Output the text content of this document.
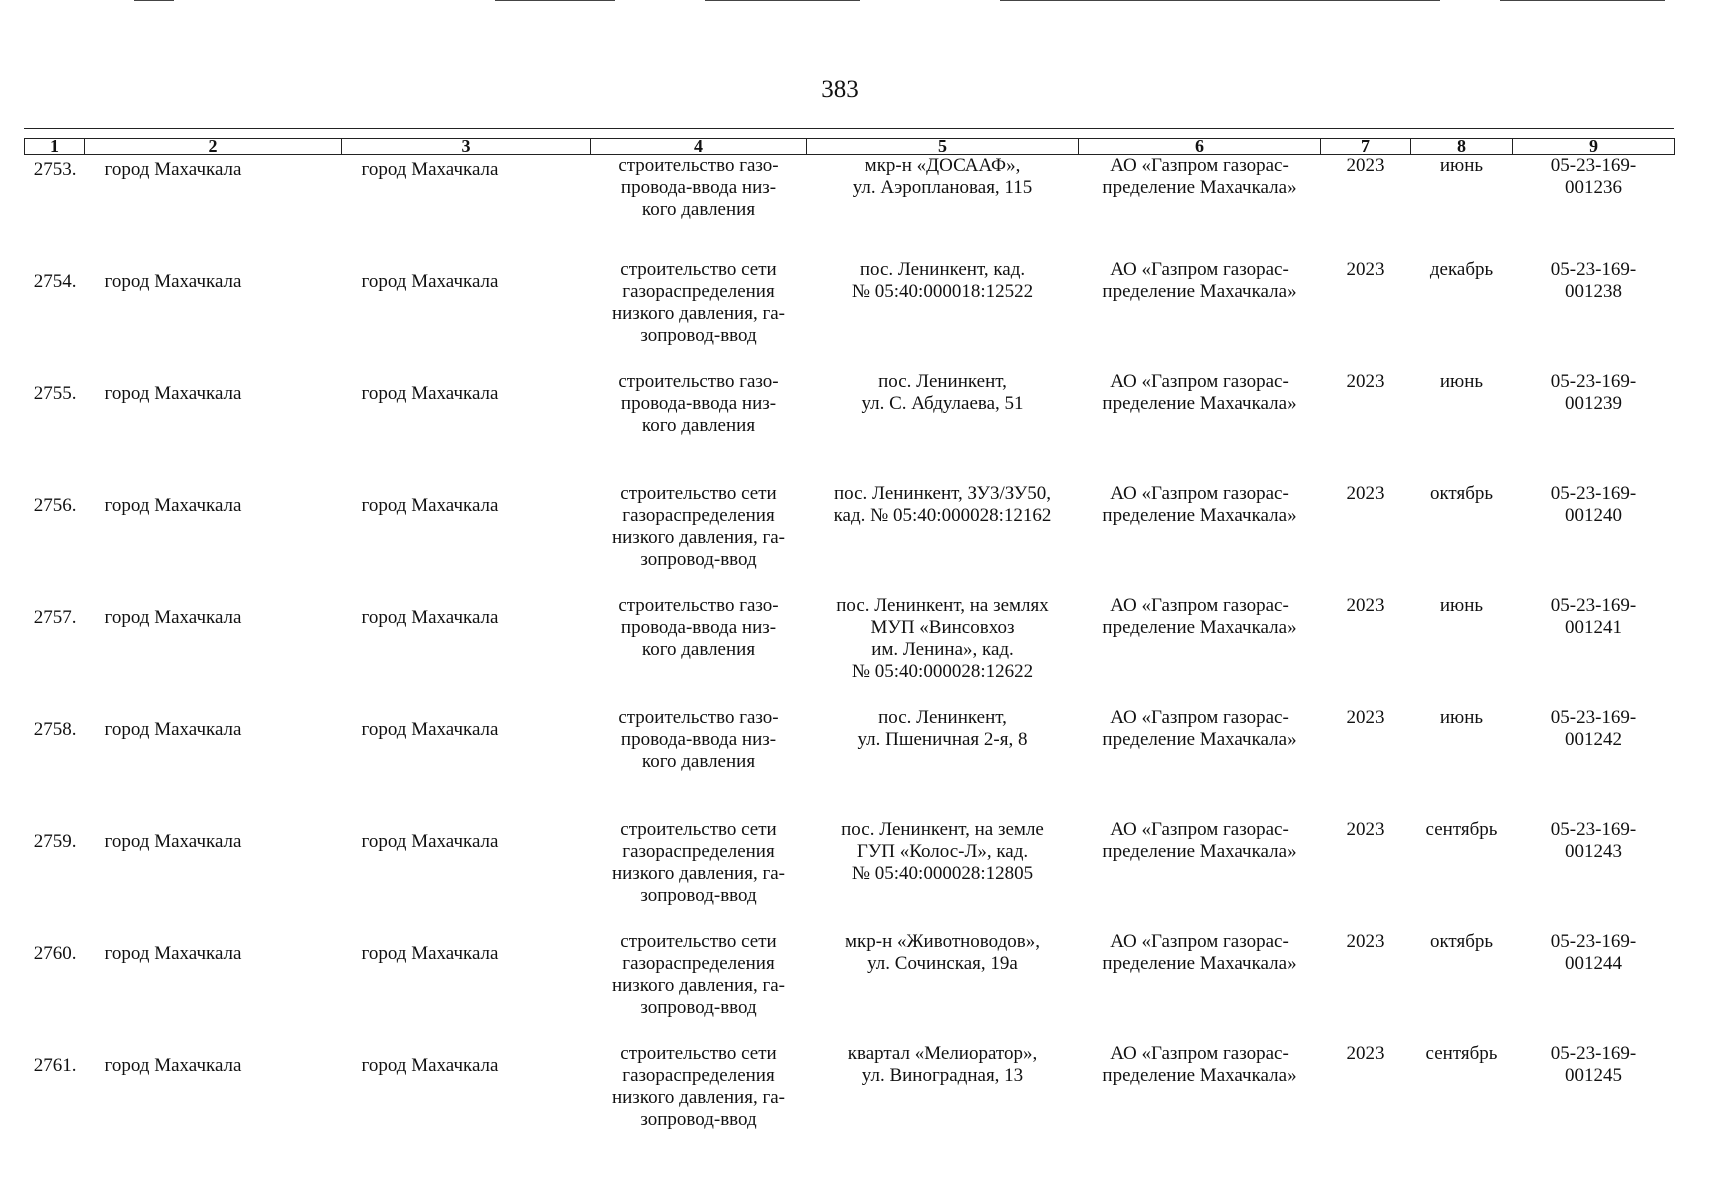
383
1	2	3	4	5	6	7	8	9
2753.	город Махачкала	город Махачкала	строительство газо-
провода-ввода низ-
кого давления	мкр-н «ДОСААФ»,
ул. Аэроплановая, 115	АО «Газпром газорас-
пределение Махачкала»	2023	июнь	05-23-169-
001236

2754.	город Махачкала	город Махачкала	строительство сети
газораспределения
низкого давления, га-
зопровод-ввод	пос. Ленинкент, кад.
№ 05:40:000018:12522	АО «Газпром газорас-
пределение Махачкала»	2023	декабрь	05-23-169-
001238

2755.	город Махачкала	город Махачкала	строительство газо-
провода-ввода низ-
кого давления	пос. Ленинкент,
ул. С. Абдулаева, 51	АО «Газпром газорас-
пределение Махачкала»	2023	июнь	05-23-169-
001239

2756.	город Махачкала	город Махачкала	строительство сети
газораспределения
низкого давления, га-
зопровод-ввод	пос. Ленинкент, ЗУ3/ЗУ50,
кад. № 05:40:000028:12162	АО «Газпром газорас-
пределение Махачкала»	2023	октябрь	05-23-169-
001240

2757.	город Махачкала	город Махачкала	строительство газо-
провода-ввода низ-
кого давления	пос. Ленинкент, на землях
МУП «Винсовхоз
им. Ленина», кад.
№ 05:40:000028:12622	АО «Газпром газорас-
пределение Махачкала»	2023	июнь	05-23-169-
001241

2758.	город Махачкала	город Махачкала	строительство газо-
провода-ввода низ-
кого давления	пос. Ленинкент,
ул. Пшеничная 2-я, 8	АО «Газпром газорас-
пределение Махачкала»	2023	июнь	05-23-169-
001242

2759.	город Махачкала	город Махачкала	строительство сети
газораспределения
низкого давления, га-
зопровод-ввод	пос. Ленинкент, на земле
ГУП «Колос-Л», кад.
№ 05:40:000028:12805	АО «Газпром газорас-
пределение Махачкала»	2023	сентябрь	05-23-169-
001243

2760.	город Махачкала	город Махачкала	строительство сети
газораспределения
низкого давления, га-
зопровод-ввод	мкр-н «Животноводов»,
ул. Сочинская, 19а	АО «Газпром газорас-
пределение Махачкала»	2023	октябрь	05-23-169-
001244

2761.	город Махачкала	город Махачкала	строительство сети
газораспределения
низкого давления, га-
зопровод-ввод	квартал «Мелиоратор»,
ул. Виноградная, 13	АО «Газпром газорас-
пределение Махачкала»	2023	сентябрь	05-23-169-
001245
